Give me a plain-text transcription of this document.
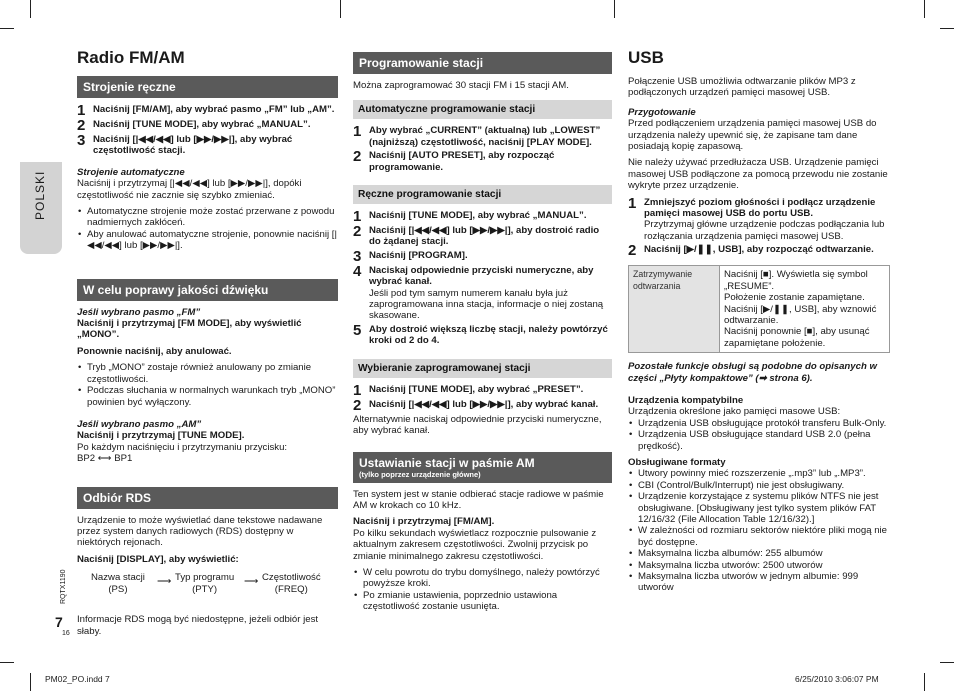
POLSKI
Radio FM/AM
Strojenie ręczne
1 Naciśnij [FM/AM], aby wybrać pasmo „FM” lub „AM”.
2 Naciśnij [TUNE MODE], aby wybrać „MANUAL”.
3 Naciśnij [|◀◀/◀◀] lub [▶▶/▶▶|], aby wybrać częstotliwość stacji.
Strojenie automatyczne

Naciśnij i przytrzymaj [|◀◀/◀◀] lub [▶▶/▶▶|], dopóki częstotliwość nie zacznie się szybko zmieniać.

• Automatyczne strojenie może zostać przerwane z powodu nadmiernych zakłóceń.
• Aby anulować automatyczne strojenie, ponownie naciśnij [|◀◀/◀◀] lub [▶▶/▶▶|].
W celu poprawy jakości dźwięku
Jeśli wybrano pasmo „FM”

Naciśnij i przytrzymaj [FM MODE], aby wyświetlić „MONO”.

Ponownie naciśnij, aby anulować.

• Tryb „MONO” zostaje również anulowany po zmianie częstotliwości.
• Podczas słuchania w normalnych warunkach tryb „MONO” powinien być wyłączony.
Jeśli wybrano pasmo „AM”
Naciśnij i przytrzymaj [TUNE MODE].
Po każdym naciśnięciu i przytrzymaniu przycisku:
BP2 ⟷ BP1
Odbiór RDS

Urządzenie to może wyświetlać dane tekstowe nadawane przez system danych radiowych (RDS) dostępny w niektórych rejonach.

Naciśnij [DISPLAY], aby wyświetlić:

Nazwa stacji
(PS)
⟶ Typ programu
(PTY)
⟶ Częstotliwość
(FREQ)

Informacje RDS mogą być niedostępne, jeżeli odbiór jest słaby.

Programowanie stacji

Można zaprogramować 30 stacji FM i 15 stacji AM.

Automatyczne programowanie stacji
1 Aby wybrać „CURRENT” (aktualną) lub „LOWEST” (najniższą) częstotliwość, naciśnij [PLAY MODE].
2 Naciśnij [AUTO PRESET], aby rozpocząć programowanie.
Ręczne programowanie stacji
1 Naciśnij [TUNE MODE], aby wybrać „MANUAL”.
2 Naciśnij [|◀◀/◀◀] lub [▶▶/▶▶|], aby dostroić radio do żądanej stacji.
3 Naciśnij [PROGRAM].
4 Naciskaj odpowiednie przyciski numeryczne, aby wybrać kanał.
Jeśli pod tym samym numerem kanału była już zaprogramowana inna stacja, informacje o niej zostaną skasowane.
5 Aby dostroić większą liczbę stacji, należy powtórzyć kroki od 2 do 4.
Wybieranie zaprogramowanej stacji
1 Naciśnij [TUNE MODE], aby wybrać „PRESET”.
2 Naciśnij [|◀◀/◀◀] lub [▶▶/▶▶|], aby wybrać kanał.

Alternatywnie naciskaj odpowiednie przyciski numeryczne, aby wybrać kanał.

Ustawianie stacji w paśmie AM
(tylko poprzez urządzenie główne)

Ten system jest w stanie odbierać stacje radiowe w paśmie AM w krokach co 10 kHz.

Naciśnij i przytrzymaj [FM/AM].

Po kilku sekundach wyświetlacz rozpocznie pulsowanie z aktualnym zakresem częstotliwości. Zwolnij przycisk po zmianie minimalnego zakresu częstotliwości.

• W celu powrotu do trybu domyślnego, należy powtórzyć powyższe kroki.
• Po zmianie ustawienia, poprzednio ustawiona częstotliwość zostanie usunięta.
USB

Połączenie USB umożliwia odtwarzanie plików MP3 z podłączonych urządzeń pamięci masowej USB.

Przygotowanie

Przed podłączeniem urządzenia pamięci masowej USB do urządzenia należy upewnić się, że zapisane tam dane posiadają kopię zapasową.

Nie należy używać przedłużacza USB. Urządzenie pamięci masowej USB podłączone za pomocą przewodu nie zostanie wykryte przez urządzenie.

1 Zmniejszyć poziom głośności i podłącz urządzenie pamięci masowej USB do portu USB.
Przytrzymaj główne urządzenie podczas podłączania lub rozłączania urządzenia pamięci masowej USB.
2 Naciśnij [▶/❚❚, USB], aby rozpocząć odtwarzanie.
Zatrzymywanie odtwarzania	
Naciśnij [■]. Wyświetla się symbol „RESUME”.
Położenie zostanie zapamiętane.
Naciśnij [▶/❚❚, USB], aby wznowić odtwarzanie.
Naciśnij ponownie [■], aby usunąć zapamiętane położenie.

Pozostałe funkcje obsługi są podobne do opisanych w części „Płyty kompaktowe” (➡ strona 6).

Urządzenia kompatybilne
Urządzenia określone jako pamięci masowe USB:
• Urządzenia USB obsługujące protokół transferu Bulk-Only.
• Urządzenia USB obsługujące standard USB 2.0 (pełna prędkość).
Obsługiwane formaty
• Utwory powinny mieć rozszerzenie „.mp3” lub „.MP3”.
• CBI (Control/Bulk/Interrupt) nie jest obsługiwany.
• Urządzenie korzystające z systemu plików NTFS nie jest obsługiwane. [Obsługiwany jest tylko system plików FAT 12/16/32 (File Allocation Table 12/16/32).]
• W zależności od rozmiaru sektorów niektóre pliki mogą nie być dostępne.
• Maksymalna liczba albumów: 255 albumów
• Maksymalna liczba utworów: 2500 utworów
• Maksymalna liczba utworów w jednym albumie: 999 utworów
RQTX1190
7
16
PM02_PO.indd 7	6/25/2010 3:06:07 PM
